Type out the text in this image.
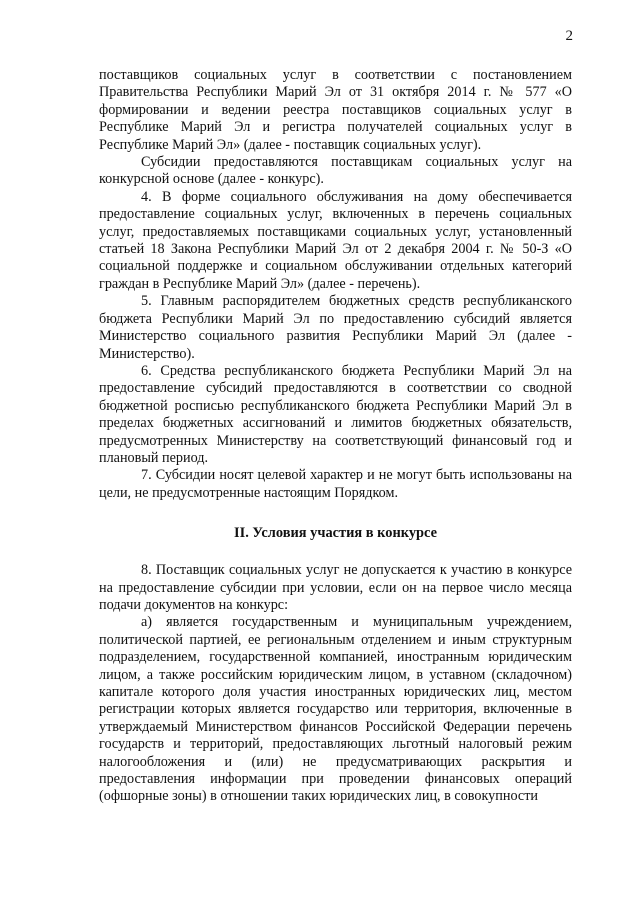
2

поставщиков социальных услуг в соответствии с постановлением Правительства Республики Марий Эл от 31 октября 2014 г. № 577 «О формировании и ведении реестра поставщиков социальных услуг в Республике Марий Эл и регистра получателей социальных услуг в Республике Марий Эл» (далее - поставщик социальных услуг).

Субсидии предоставляются поставщикам социальных услуг на конкурсной основе (далее - конкурс).

4. В форме социального обслуживания на дому обеспечивается предоставление социальных услуг, включенных в перечень социальных услуг, предоставляемых поставщиками социальных услуг, установленный статьей 18 Закона Республики Марий Эл от 2 декабря 2004 г. № 50-З «О социальной поддержке и социальном обслуживании отдельных категорий граждан в Республике Марий Эл» (далее - перечень).

5. Главным распорядителем бюджетных средств республиканского бюджета Республики Марий Эл по предоставлению субсидий является Министерство социального развития Республики Марий Эл (далее - Министерство).

6. Средства республиканского бюджета Республики Марий Эл на предоставление субсидий предоставляются в соответствии со сводной бюджетной росписью республиканского бюджета Республики Марий Эл в пределах бюджетных ассигнований и лимитов бюджетных обязательств, предусмотренных Министерству на соответствующий финансовый год и плановый период.

7. Субсидии носят целевой характер и не могут быть использованы на цели, не предусмотренные настоящим Порядком.

II. Условия участия в конкурсе

8. Поставщик социальных услуг не допускается к участию в конкурсе на предоставление субсидии при условии, если он на первое число месяца подачи документов на конкурс:

а) является государственным и муниципальным учреждением, политической партией, ее региональным отделением и иным структурным подразделением, государственной компанией, иностранным юридическим лицом, а также российским юридическим лицом, в уставном (складочном) капитале которого доля участия иностранных юридических лиц, местом регистрации которых является государство или территория, включенные в утверждаемый Министерством финансов Российской Федерации перечень государств и территорий, предоставляющих льготный налоговый режим налогообложения и (или) не предусматривающих раскрытия и предоставления информации при проведении финансовых операций (офшорные зоны) в отношении таких юридических лиц, в совокупности
